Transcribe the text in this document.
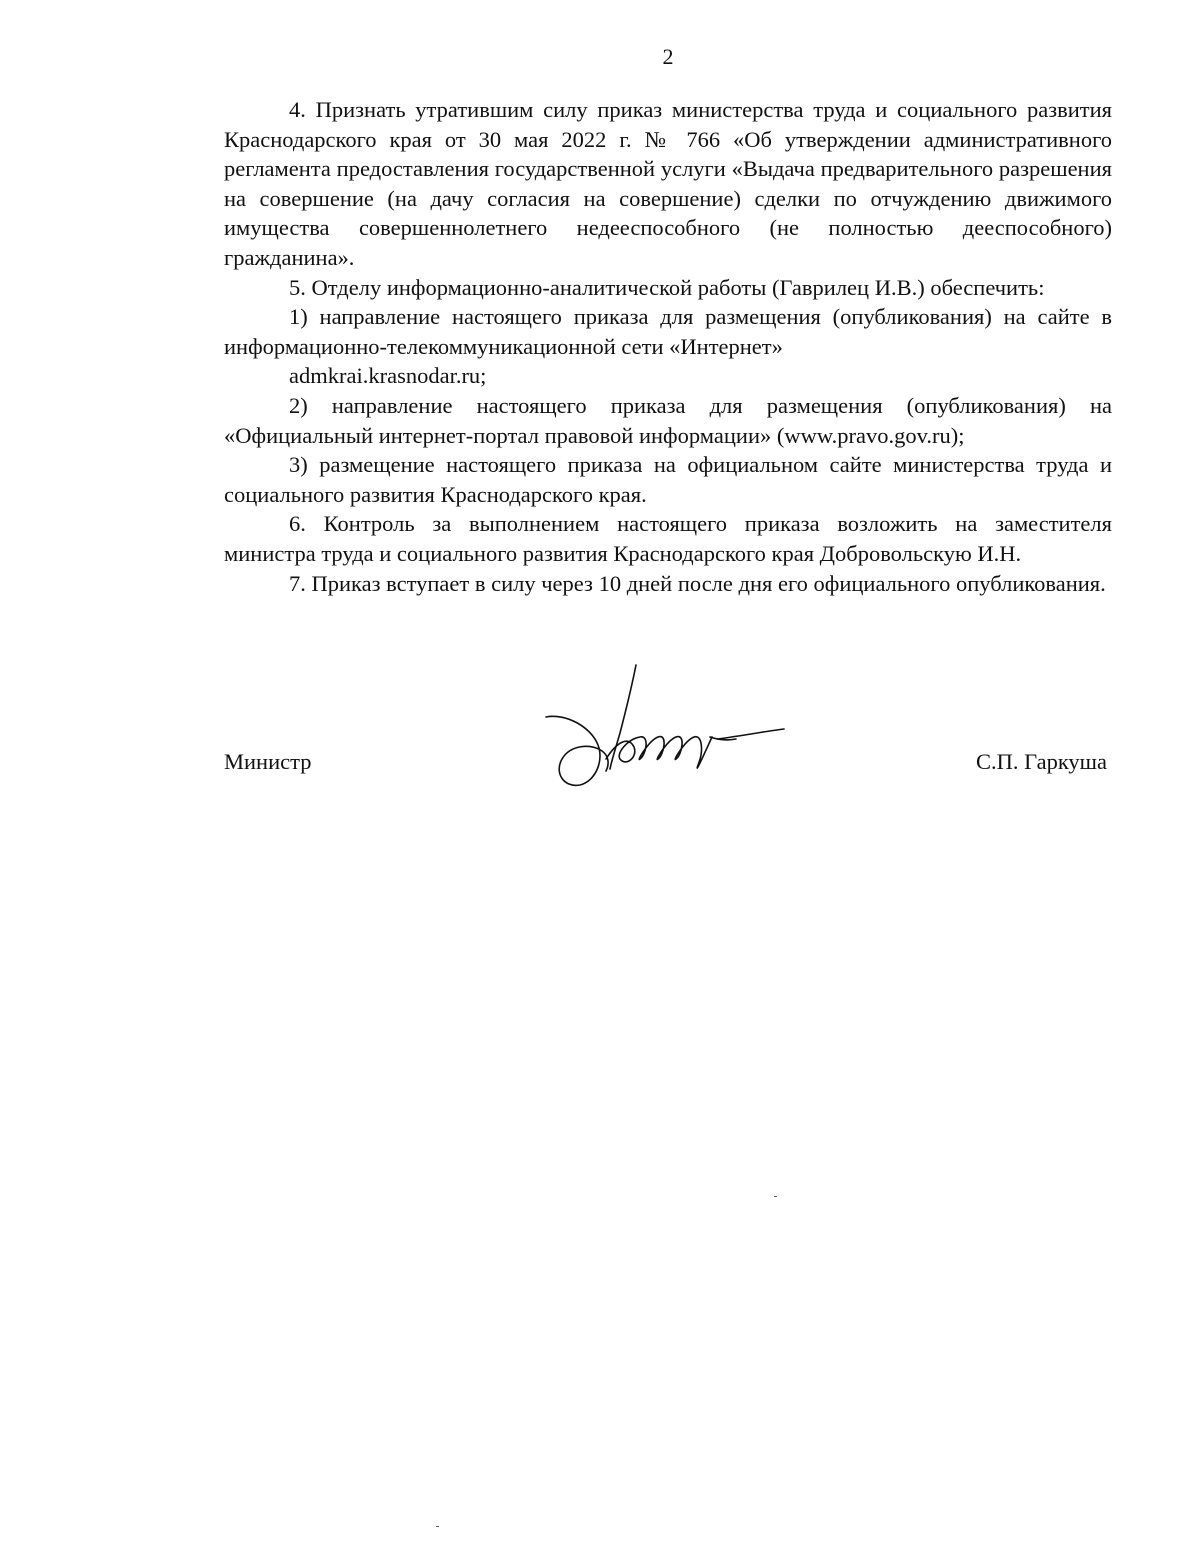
2

4. Признать утратившим силу приказ министерства труда и социального развития Краснодарского края от 30 мая 2022 г. № 766 «Об утверждении административного регламента предоставления государственной услуги «Выдача предварительного разрешения на совершение (на дачу согласия на совершение) сделки по отчуждению движимого имущества совершеннолетнего недееспособного (не полностью дееспособного) гражданина».

5. Отделу информационно-аналитической работы (Гаврилец И.В.) обеспечить:

1) направление настоящего приказа для размещения (опубликования) на сайте в информационно-телекоммуникационной сети «Интернет»

admkrai.krasnodar.ru;

2) направление настоящего приказа для размещения (опубликования) на «Официальный интернет-портал правовой информации» (www.pravo.gov.ru);

3) размещение настоящего приказа на официальном сайте министерства труда и социального развития Краснодарского края.

6. Контроль за выполнением настоящего приказа возложить на заместителя министра труда и социального развития Краснодарского края Добровольскую И.Н.

7. Приказ вступает в силу через 10 дней после дня его официального опубликования.

Министр	С.П. Гаркуша
